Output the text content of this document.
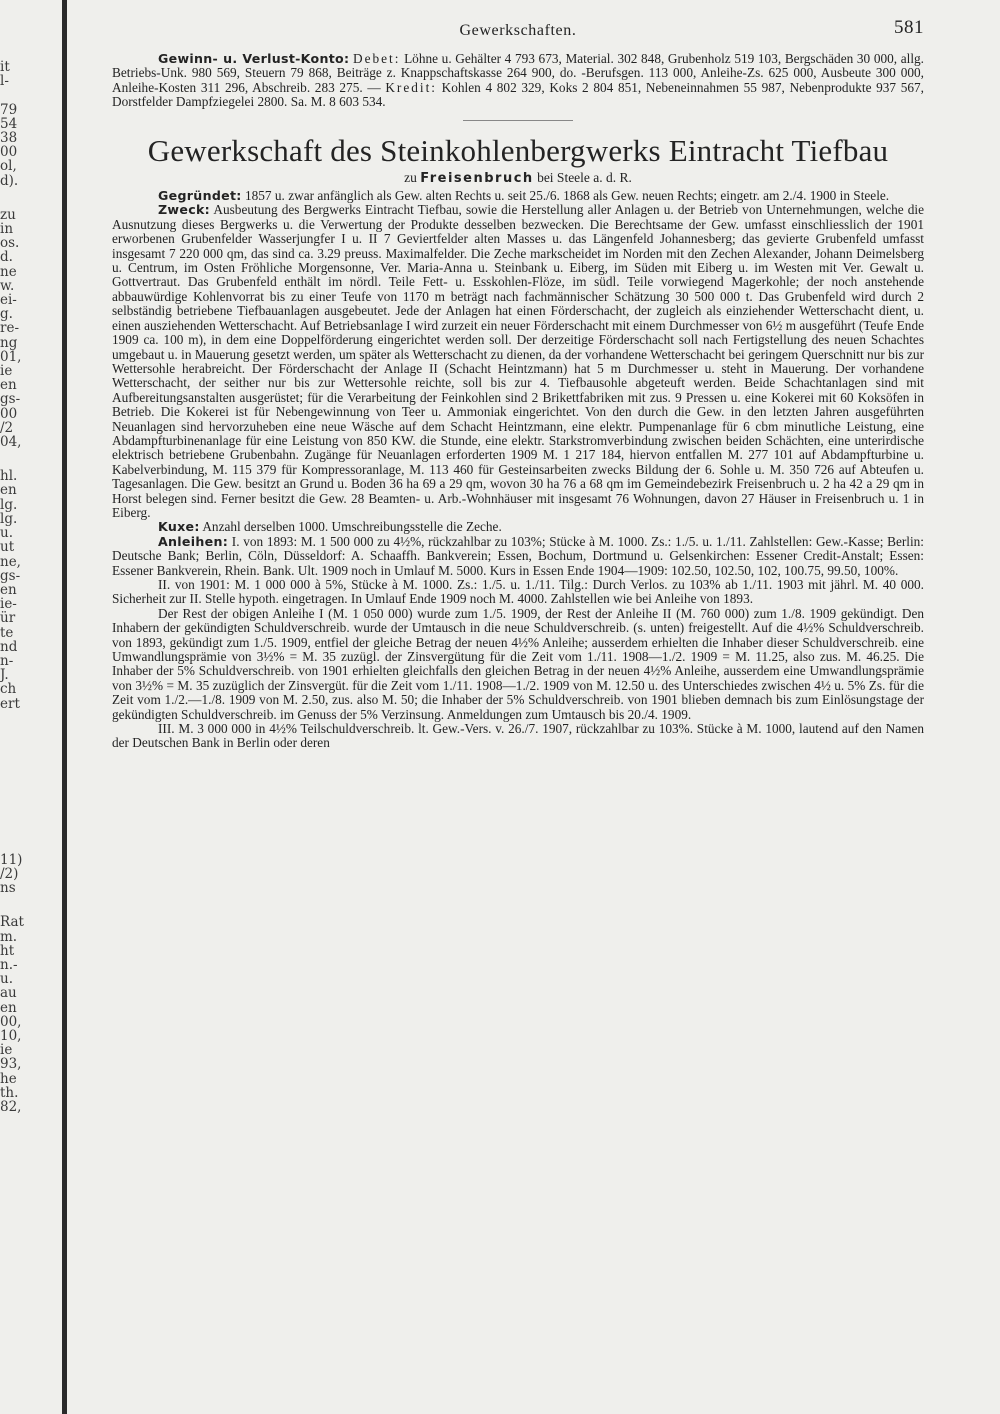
it
l-

79
54
38
00
ol,
d).
zu
in
os.
d.
ne
w.
ei-
g.
re-
ng
01,
ie
en
gs-
00
/2
04,
hl.
en
lg.
lg.
u.
ut
ne,
gs-
en
ie-
ür
te
nd
n-
J.
ch
ert
11)
/2)
ns
Rat
m.
ht
n.-
u.
au
en
00,
10,
ie
93,
he
th.
82,
Gewerkschaften.	581

Gewinn- u. Verlust-Konto: Debet: Löhne u. Gehälter 4 793 673, Material. 302 848, Grubenholz 519 103, Bergschäden 30 000, allg. Betriebs-Unk. 980 569, Steuern 79 868, Beiträge z. Knappschaftskasse 264 900, do. -Berufsgen. 113 000, Anleihe-Zs. 625 000, Ausbeute 300 000, Anleihe-Kosten 311 296, Abschreib. 283 275. — Kredit: Kohlen 4 802 329, Koks 2 804 851, Nebeneinnahmen 55 987, Nebenprodukte 937 567, Dorstfelder Dampfziegelei 2800. Sa. M. 8 603 534.

Gewerkschaft des Steinkohlenbergwerks Eintracht Tiefbau
zu Freisenbruch bei Steele a. d. R.

Gegründet: 1857 u. zwar anfänglich als Gew. alten Rechts u. seit 25./6. 1868 als Gew. neuen Rechts; eingetr. am 2./4. 1900 in Steele.

Zweck: Ausbeutung des Bergwerks Eintracht Tiefbau, sowie die Herstellung aller Anlagen u. der Betrieb von Unternehmungen, welche die Ausnutzung dieses Bergwerks u. die Verwertung der Produkte desselben bezwecken. Die Berechtsame der Gew. umfasst einschliesslich der 1901 erworbenen Grubenfelder Wasserjungfer I u. II 7 Geviertfelder alten Masses u. das Längenfeld Johannesberg; das gevierte Grubenfeld umfasst insgesamt 7 220 000 qm, das sind ca. 3.29 preuss. Maximalfelder. Die Zeche markscheidet im Norden mit den Zechen Alexander, Johann Deimelsberg u. Centrum, im Osten Fröhliche Morgensonne, Ver. Maria-Anna u. Steinbank u. Eiberg, im Süden mit Eiberg u. im Westen mit Ver. Gewalt u. Gottvertraut. Das Grubenfeld enthält im nördl. Teile Fett- u. Esskohlen-Flöze, im südl. Teile vorwiegend Magerkohle; der noch anstehende abbauwürdige Kohlenvorrat bis zu einer Teufe von 1170 m beträgt nach fachmännischer Schätzung 30 500 000 t. Das Grubenfeld wird durch 2 selbständig betriebene Tiefbauanlagen ausgebeutet. Jede der Anlagen hat einen Förderschacht, der zugleich als einziehender Wetterschacht dient, u. einen ausziehenden Wetterschacht. Auf Betriebsanlage I wird zurzeit ein neuer Förderschacht mit einem Durchmesser von 6½ m ausgeführt (Teufe Ende 1909 ca. 100 m), in dem eine Doppelförderung eingerichtet werden soll. Der derzeitige Förderschacht soll nach Fertigstellung des neuen Schachtes umgebaut u. in Mauerung gesetzt werden, um später als Wetterschacht zu dienen, da der vorhandene Wetterschacht bei geringem Querschnitt nur bis zur Wettersohle herabreicht. Der Förderschacht der Anlage II (Schacht Heintzmann) hat 5 m Durchmesser u. steht in Mauerung. Der vorhandene Wetterschacht, der seither nur bis zur Wettersohle reichte, soll bis zur 4. Tiefbausohle abgeteuft werden. Beide Schachtanlagen sind mit Aufbereitungsanstalten ausgerüstet; für die Verarbeitung der Feinkohlen sind 2 Brikettfabriken mit zus. 9 Pressen u. eine Kokerei mit 60 Koksöfen in Betrieb. Die Kokerei ist für Nebengewinnung von Teer u. Ammoniak eingerichtet. Von den durch die Gew. in den letzten Jahren ausgeführten Neuanlagen sind hervorzuheben eine neue Wäsche auf dem Schacht Heintzmann, eine elektr. Pumpenanlage für 6 cbm minutliche Leistung, eine Abdampfturbinenanlage für eine Leistung von 850 KW. die Stunde, eine elektr. Starkstromverbindung zwischen beiden Schächten, eine unterirdische elektrisch betriebene Grubenbahn. Zugänge für Neuanlagen erforderten 1909 M. 1 217 184, hiervon entfallen M. 277 101 auf Abdampfturbine u. Kabelverbindung, M. 115 379 für Kompressoranlage, M. 113 460 für Gesteinsarbeiten zwecks Bildung der 6. Sohle u. M. 350 726 auf Abteufen u. Tagesanlagen. Die Gew. besitzt an Grund u. Boden 36 ha 69 a 29 qm, wovon 30 ha 76 a 68 qm im Gemeindebezirk Freisenbruch u. 2 ha 42 a 29 qm in Horst belegen sind. Ferner besitzt die Gew. 28 Beamten- u. Arb.-Wohnhäuser mit insgesamt 76 Wohnungen, davon 27 Häuser in Freisenbruch u. 1 in Eiberg.

Kuxe: Anzahl derselben 1000. Umschreibungsstelle die Zeche.

Anleihen: I. von 1893: M. 1 500 000 zu 4½%, rückzahlbar zu 103%; Stücke à M. 1000. Zs.: 1./5. u. 1./11. Zahlstellen: Gew.-Kasse; Berlin: Deutsche Bank; Berlin, Cöln, Düsseldorf: A. Schaaffh. Bankverein; Essen, Bochum, Dortmund u. Gelsenkirchen: Essener Credit-Anstalt; Essen: Essener Bankverein, Rhein. Bank. Ult. 1909 noch in Umlauf M. 5000. Kurs in Essen Ende 1904—1909: 102.50, 102.50, 102, 100.75, 99.50, 100%.

II. von 1901: M. 1 000 000 à 5%, Stücke à M. 1000. Zs.: 1./5. u. 1./11. Tilg.: Durch Verlos. zu 103% ab 1./11. 1903 mit jährl. M. 40 000. Sicherheit zur II. Stelle hypoth. eingetragen. In Umlauf Ende 1909 noch M. 4000. Zahlstellen wie bei Anleihe von 1893.

Der Rest der obigen Anleihe I (M. 1 050 000) wurde zum 1./5. 1909, der Rest der Anleihe II (M. 760 000) zum 1./8. 1909 gekündigt. Den Inhabern der gekündigten Schuldverschreib. wurde der Umtausch in die neue Schuldverschreib. (s. unten) freigestellt. Auf die 4½% Schuldverschreib. von 1893, gekündigt zum 1./5. 1909, entfiel der gleiche Betrag der neuen 4½% Anleihe; ausserdem erhielten die Inhaber dieser Schuldverschreib. eine Umwandlungsprämie von 3½% = M. 35 zuzügl. der Zinsvergütung für die Zeit vom 1./11. 1908—1./2. 1909 = M. 11.25, also zus. M. 46.25. Die Inhaber der 5% Schuldverschreib. von 1901 erhielten gleichfalls den gleichen Betrag in der neuen 4½% Anleihe, ausserdem eine Umwandlungsprämie von 3½% = M. 35 zuzüglich der Zinsvergüt. für die Zeit vom 1./11. 1908—1./2. 1909 von M. 12.50 u. des Unterschiedes zwischen 4½ u. 5% Zs. für die Zeit vom 1./2.—1./8. 1909 von M. 2.50, zus. also M. 50; die Inhaber der 5% Schuldverschreib. von 1901 blieben demnach bis zum Einlösungstage der gekündigten Schuldverschreib. im Genuss der 5% Verzinsung. Anmeldungen zum Umtausch bis 20./4. 1909.

III. M. 3 000 000 in 4½% Teilschuldverschreib. lt. Gew.-Vers. v. 26./7. 1907, rückzahlbar zu 103%. Stücke à M. 1000, lautend auf den Namen der Deutschen Bank in Berlin oder deren
